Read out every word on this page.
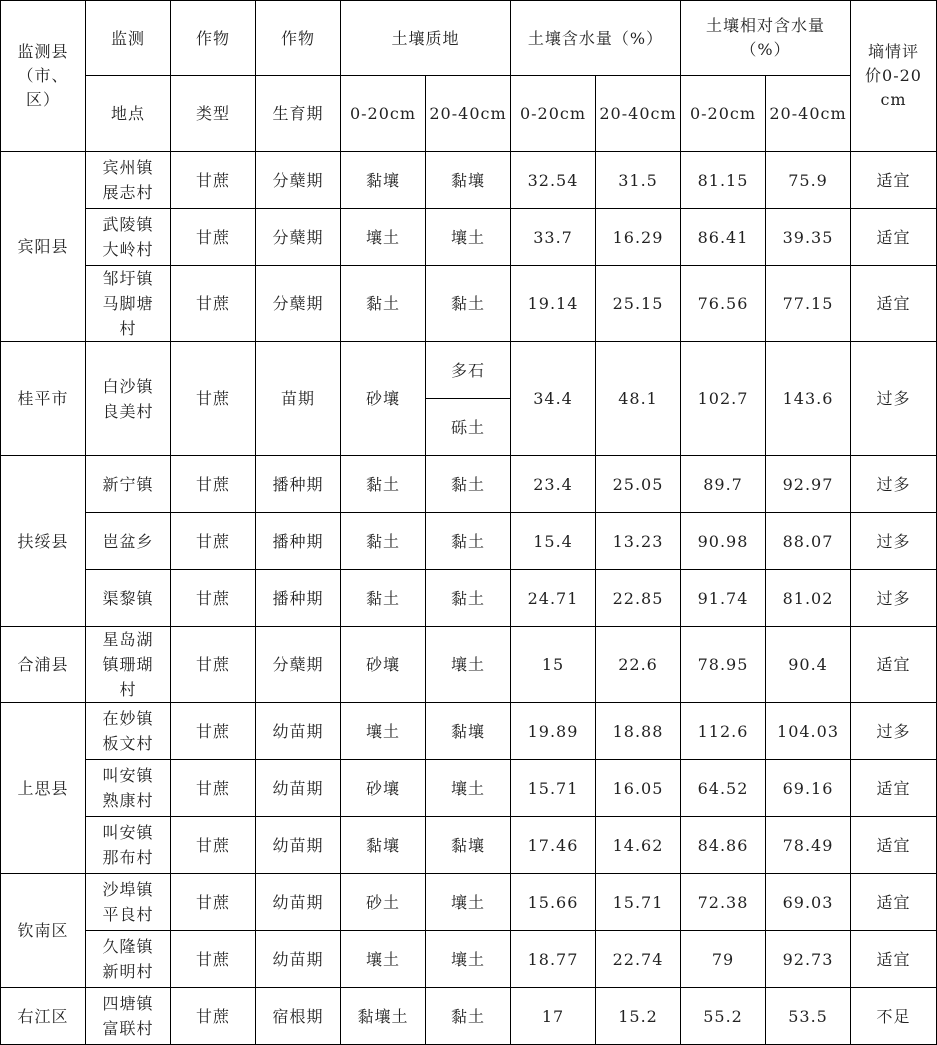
监测县（市、区）	监测	作物	作物	土壤质地		土壤含水量（%）		土壤相对含水量（%）		墒情评价0-20cm
	地点	类型	生育期	0-20cm	20-40cm	0-20cm	20-40cm	0-20cm	20-40cm	
宾阳县	宾州镇展志村	甘蔗	分蘖期	黏壤	黏壤	32.54	31.5	81.15	75.9	适宜
	武陵镇大岭村	甘蔗	分蘖期	壤土	壤土	33.7	16.29	86.41	39.35	适宜
	邹圩镇马脚塘村	甘蔗	分蘖期	黏土	黏土	19.14	25.15	76.56	77.15	适宜
桂平市	白沙镇良美村	甘蔗	苗期	砂壤	多石	34.4	48.1	102.7	143.6	过多
					砾土					
扶绥县	新宁镇	甘蔗	播种期	黏土	黏土	23.4	25.05	89.7	92.97	过多
	岜盆乡	甘蔗	播种期	黏土	黏土	15.4	13.23	90.98	88.07	过多
	渠黎镇	甘蔗	播种期	黏土	黏土	24.71	22.85	91.74	81.02	过多
合浦县	星岛湖镇珊瑚村	甘蔗	分蘖期	砂壤	壤土	15	22.6	78.95	90.4	适宜
上思县	在妙镇板文村	甘蔗	幼苗期	壤土	黏壤	19.89	18.88	112.6	104.03	过多
	叫安镇熟康村	甘蔗	幼苗期	砂壤	壤土	15.71	16.05	64.52	69.16	适宜
	叫安镇那布村	甘蔗	幼苗期	黏壤	黏壤	17.46	14.62	84.86	78.49	适宜
钦南区	沙埠镇平良村	甘蔗	幼苗期	砂土	壤土	15.66	15.71	72.38	69.03	适宜
	久隆镇新明村	甘蔗	幼苗期	壤土	壤土	18.77	22.74	79	92.73	适宜
右江区	四塘镇富联村	甘蔗	宿根期	黏壤土	黏土	17	15.2	55.2	53.5	不足
